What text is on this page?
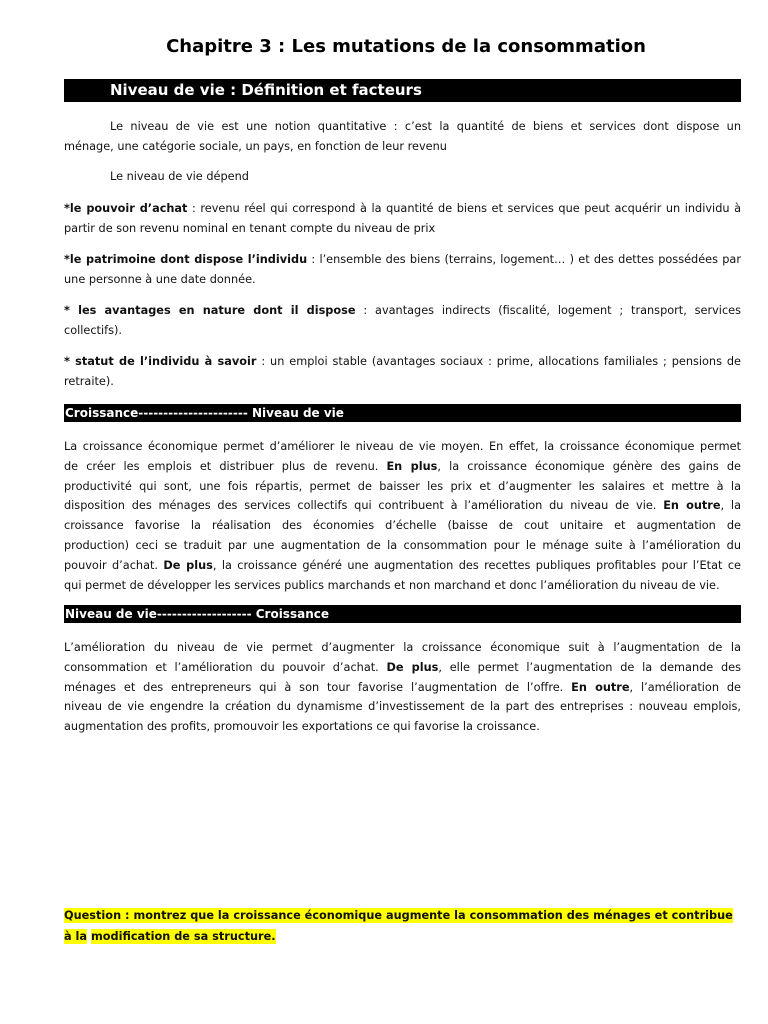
Chapitre 3 : Les mutations de la consommation
Niveau de vie : Définition et facteurs
Le niveau de vie est une notion quantitative : c’est la quantité de biens et services dont dispose un
ménage, une catégorie sociale, un pays, en fonction de leur revenu
Le niveau de vie dépend
*le pouvoir d’achat : revenu réel qui correspond à la quantité de biens et services que peut acquérir un individu à
partir de son revenu nominal en tenant compte du niveau de prix
*le patrimoine dont dispose l’individu : l’ensemble des biens (terrains, logement… ) et des dettes possédées par
une personne à une date donnée.
* les avantages en nature dont il dispose : avantages indirects (fiscalité, logement ; transport, services
collectifs).
* statut de l’individu à savoir : un emploi stable (avantages sociaux : prime, allocations familiales ; pensions de
retraite).
Croissance---------------------- Niveau de vie
La croissance économique permet d’améliorer le niveau de vie moyen. En effet, la croissance économique permet
de créer les emplois et distribuer plus de revenu. En plus, la croissance économique génère des gains de
productivité qui sont, une fois répartis, permet de baisser les prix et d’augmenter les salaires et mettre à la
disposition des ménages des services collectifs qui contribuent à l’amélioration du niveau de vie. En outre, la
croissance favorise la réalisation des économies d’échelle (baisse de cout unitaire et augmentation de
production) ceci se traduit par une augmentation de la consommation pour le ménage suite à l’amélioration du
pouvoir d’achat. De plus, la croissance généré une augmentation des recettes publiques profitables pour l’Etat ce
qui permet de développer les services publics marchands et non marchand et donc l’amélioration du niveau de vie.
Niveau de vie------------------- Croissance
L’amélioration du niveau de vie permet d’augmenter la croissance économique suit à l’augmentation de la
consommation et l’amélioration du pouvoir d’achat. De plus, elle permet l’augmentation de la demande des
ménages et des entrepreneurs qui à son tour favorise l’augmentation de l’offre. En outre, l’amélioration de
niveau de vie engendre la création du dynamisme d’investissement de la part des entreprises : nouveau emplois,
augmentation des profits, promouvoir les exportations ce qui favorise la croissance.
Question : montrez que la croissance économique augmente la consommation des ménages et contribue à la modification de sa structure.
